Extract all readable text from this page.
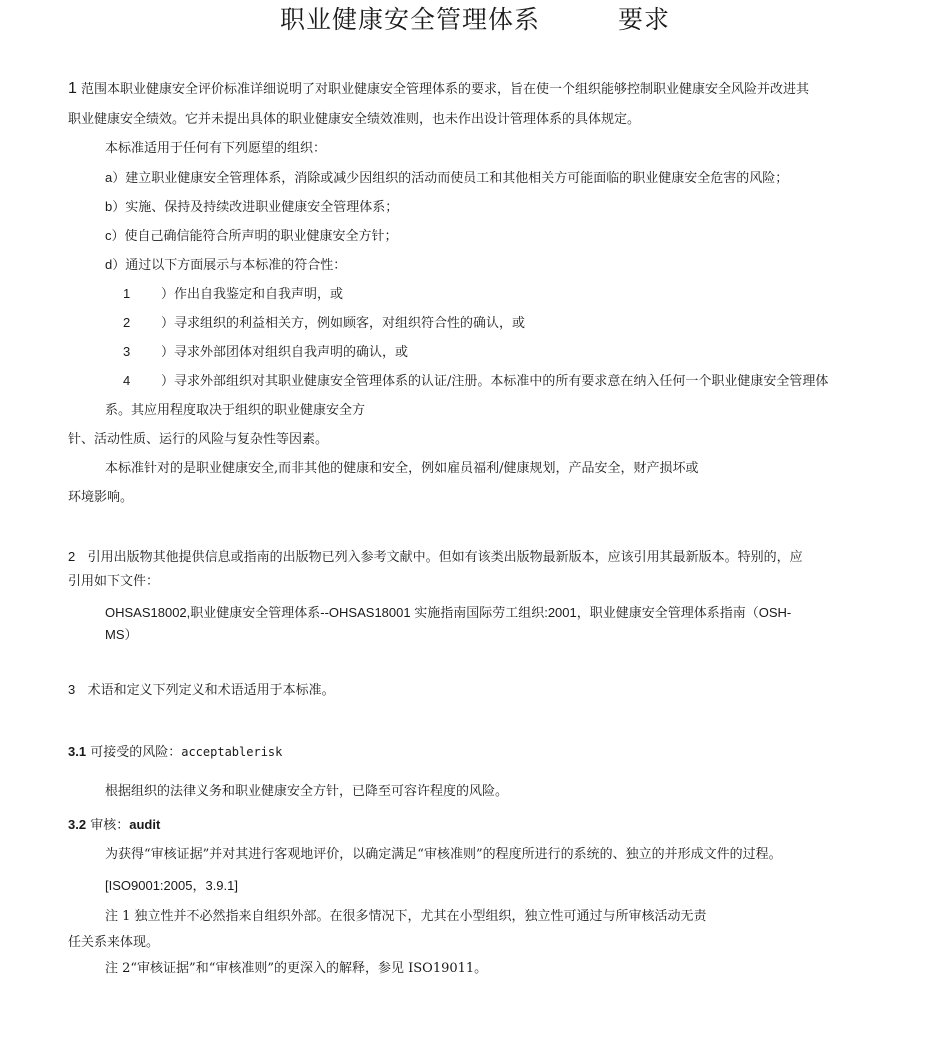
职业健康安全管理体系	要求
1 范围本职业健康安全评价标准详细说明了对职业健康安全管理体系的要求，旨在使一个组织能够控制职业健康安全风险并改进其
职业健康安全绩效。它并未提出具体的职业健康安全绩效准则，也未作出设计管理体系的具体规定。
本标准适用于任何有下列愿望的组织：
a）建立职业健康安全管理体系，消除或减少因组织的活动而使员工和其他相关方可能面临的职业健康安全危害的风险；
b）实施、保持及持续改进职业健康安全管理体系；
c）使自己确信能符合所声明的职业健康安全方针；
d）通过以下方面展示与本标准的符合性：
1 ）作出自我鉴定和自我声明，或
2 ）寻求组织的利益相关方，例如顾客，对组织符合性的确认，或
3 ）寻求外部团体对组织自我声明的确认，或
4 ）寻求外部组织对其职业健康安全管理体系的认证/注册。本标准中的所有要求意在纳入任何一个职业健康安全管理体
系。其应用程度取决于组织的职业健康安全方
针、活动性质、运行的风险与复杂性等因素。
本标准针对的是职业健康安全,而非其他的健康和安全，例如雇员福利/健康规划，产品安全，财产损坏或
环境影响。
2 引用出版物其他提供信息或指南的出版物已列入参考文献中。但如有该类出版物最新版本，应该引用其最新版本。特别的，应
引用如下文件：
OHSAS18002,职业健康安全管理体系--OHSAS18001 实施指南国际劳工组织:2001，职业健康安全管理体系指南（OSH-
MS）
3 术语和定义下列定义和术语适用于本标准。
3.1 可接受的风险：acceptablerisk
根据组织的法律义务和职业健康安全方针，已降至可容许程度的风险。
3.2 审核：audit
为获得“审核证据”并对其进行客观地评价，以确定满足“审核准则”的程度所进行的系统的、独立的并形成文件的过程。
[ISO9001:2005，3.9.1]
注 1 独立性并不必然指来自组织外部。在很多情况下，尤其在小型组织，独立性可通过与所审核活动无责
任关系来体现。
注 2“审核证据”和“审核准则”的更深入的解释，参见 ISO19011。
